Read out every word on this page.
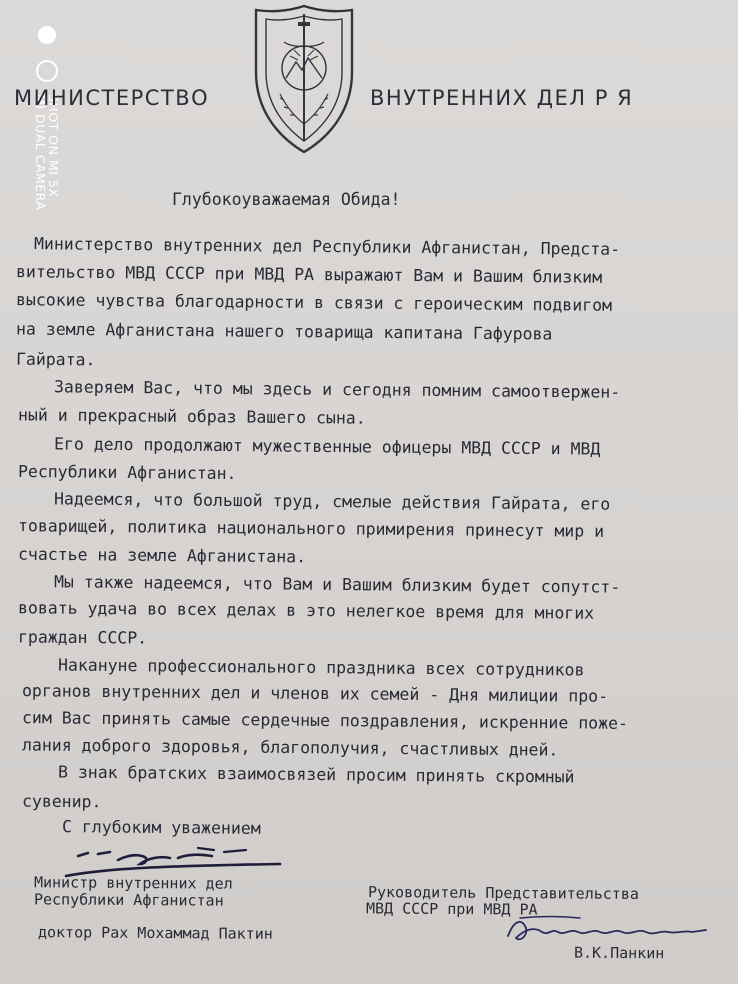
SHOT ON MI 5X
MI DUAL CAMERA
МИНИСТЕРСТВО	ВНУТРЕННИХ ДЕЛ Р Я

Глубокоуважаемая Обида!

Министерство внутренних дел Республики Афганистан, Предста-

вительство МВД СССР при МВД РА выражают Вам и Вашим близким

высокие чувства благодарности в связи с героическим подвигом

на земле Афганистана нашего товарища капитана Гафурова

Гайрата.

Заверяем Вас, что мы здесь и сегодня помним самоотвержен-

ный и прекрасный образ Вашего сына.

Его дело продолжают мужественные офицеры МВД СССР и МВД

Республики Афганистан.

Надеемся, что большой труд, смелые действия Гайрата, его

товарищей, политика национального примирения принесут мир и

счастье на земле Афганистана.

Мы также надеемся, что Вам и Вашим близким будет сопутст-

вовать удача во всех делах в это нелегкое время для многих

граждан СССР.

Накануне профессионального праздника всех сотрудников

органов внутренних дел и членов их семей - Дня милиции про-

сим Вас принять самые сердечные поздравления, искренние поже-

лания доброго здоровья, благополучия, счастливых дней.

В знак братских взаимосвязей просим принять скромный

сувенир.

С глубоким уважением

Министр внутренних дел

Республики Афганистан

доктор Рах Мохаммад Пактин

Руководитель Представительства

МВД СССР при МВД РА

В.К.Панкин
